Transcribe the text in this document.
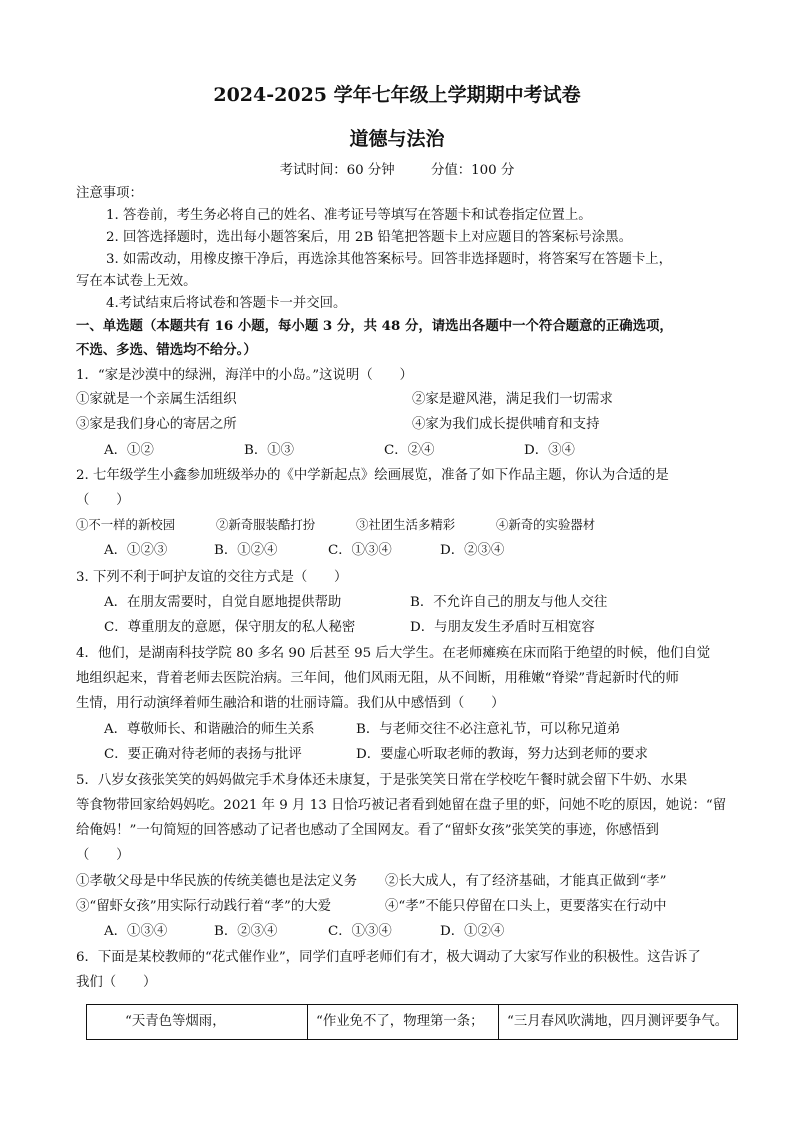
2024-2025 学年七年级上学期期中考试卷
道德与法治
考试时间：60 分钟	分值：100 分
注意事项：
1. 答卷前，考生务必将自己的姓名、准考证号等填写在答题卡和试卷指定位置上。
2. 回答选择题时，选出每小题答案后，用 2B 铅笔把答题卡上对应题目的答案标号涂黑。
3. 如需改动，用橡皮擦干净后，再选涂其他答案标号。回答非选择题时，将答案写在答题卡上，
写在本试卷上无效。
4.考试结束后将试卷和答题卡一并交回。
一、单选题（本题共有 16 小题，每小题 3 分，共 48 分，请选出各题中一个符合题意的正确选项，
不选、多选、错选均不给分。）
1．“家是沙漠中的绿洲，海洋中的小岛。”这说明（　　）
①家就是一个亲属生活组织	②家是避风港，满足我们一切需求
③家是我们身心的寄居之所	④家为我们成长提供哺育和支持
A．①②	B．①③	C．②④	D．③④
2. 七年级学生小鑫参加班级举办的《中学新起点》绘画展览，准备了如下作品主题，你认为合适的是
（　　）
①不一样的新校园	②新奇服装酷打扮	③社团生活多精彩	④新奇的实验器材
A．①②③	B．①②④	C．①③④	D．②③④
3. 下列不利于呵护友谊的交往方式是（　　）
A．在朋友需要时，自觉自愿地提供帮助	B．不允许自己的朋友与他人交往
C．尊重朋友的意愿，保守朋友的私人秘密	D．与朋友发生矛盾时互相宽容
4．他们，是湖南科技学院 80 多名 90 后甚至 95 后大学生。在老师瘫痪在床而陷于绝望的时候，他们自觉
地组织起来，背着老师去医院治病。三年间，他们风雨无阻，从不间断，用稚嫩“脊梁”背起新时代的师
生情，用行动演绎着师生融洽和谐的壮丽诗篇。我们从中感悟到（　　）
A．尊敬师长、和谐融洽的师生关系	B．与老师交往不必注意礼节，可以称兄道弟
C．要正确对待老师的表扬与批评	D．要虚心听取老师的教诲，努力达到老师的要求
5．八岁女孩张笑笑的妈妈做完手术身体还未康复，于是张笑笑日常在学校吃午餐时就会留下牛奶、水果
等食物带回家给妈妈吃。2021 年 9 月 13 日恰巧被记者看到她留在盘子里的虾，问她不吃的原因，她说：“留
给俺妈！”一句简短的回答感动了记者也感动了全国网友。看了“留虾女孩”张笑笑的事迹，你感悟到
（　　）
①孝敬父母是中华民族的传统美德也是法定义务 ②长大成人，有了经济基础，才能真正做到“孝”
③“留虾女孩”用实际行动践行着“孝”的大爱	④“孝”不能只停留在口头上，更要落实在行动中
A．①③④	B．②③④	C．①③④	D．①②④
6．下面是某校教师的“花式催作业”，同学们直呼老师们有才，极大调动了大家写作业的积极性。这告诉了
我们（　　）
“天青色等烟雨，	“作业免不了，物理第一条；	“三月春风吹满地，四月测评要争气。
